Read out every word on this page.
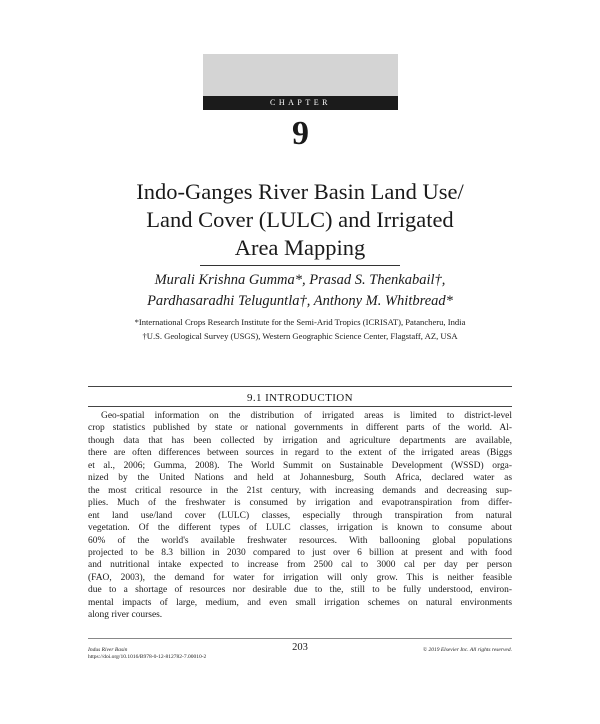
CHAPTER
9
Indo-Ganges River Basin Land Use/
Land Cover (LULC) and Irrigated
Area Mapping
Murali Krishna Gumma*, Prasad S. Thenkabail†,
Pardhasaradhi Teluguntla†, Anthony M. Whitbread*
*International Crops Research Institute for the Semi-Arid Tropics (ICRISAT), Patancheru, India
†U.S. Geological Survey (USGS), Western Geographic Science Center, Flagstaff, AZ, USA
9.1 INTRODUCTION

Geo-spatial information on the distribution of irrigated areas is limited to district-level
crop statistics published by state or national governments in different parts of the world. Al-
though data that has been collected by irrigation and agriculture departments are available,
there are often differences between sources in regard to the extent of the irrigated areas (Biggs
et al., 2006; Gumma, 2008). The World Summit on Sustainable Development (WSSD) orga-
nized by the United Nations and held at Johannesburg, South Africa, declared water as
the most critical resource in the 21st century, with increasing demands and decreasing sup-
plies. Much of the freshwater is consumed by irrigation and evapotranspiration from differ-
ent land use/land cover (LULC) classes, especially through transpiration from natural
vegetation. Of the different types of LULC classes, irrigation is known to consume about
60% of the world's available freshwater resources. With ballooning global populations
projected to be 8.3 billion in 2030 compared to just over 6 billion at present and with food
and nutritional intake expected to increase from 2500 cal to 3000 cal per day per person
(FAO, 2003), the demand for water for irrigation will only grow. This is neither feasible
due to a shortage of resources nor desirable due to the, still to be fully understood, environ-
mental impacts of large, medium, and even small irrigation schemes on natural environments
along river courses.

Indus River Basin
https://doi.org/10.1016/B978-0-12-812782-7.00010-2
203	© 2019 Elsevier Inc. All rights reserved.
